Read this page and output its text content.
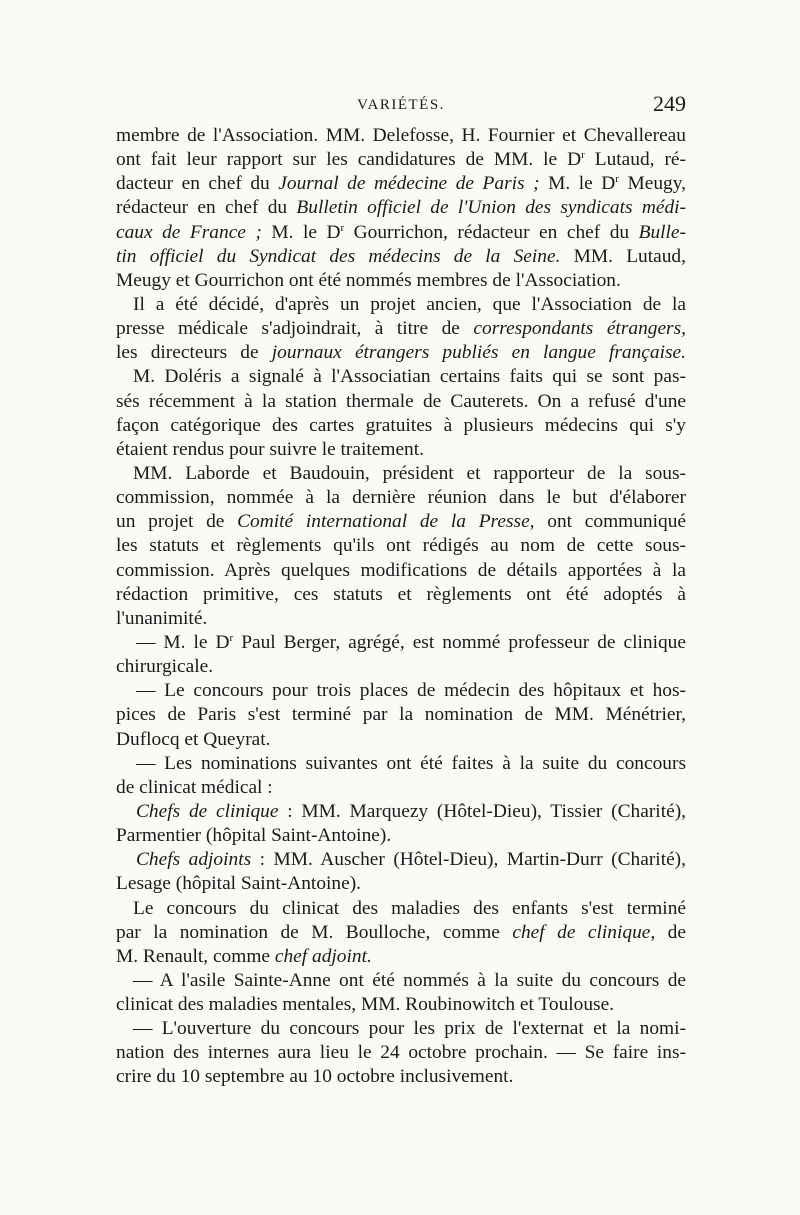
VARIÉTÉS.	249
membre de l'Association. MM. Delefosse, H. Fournier et Chevallereau
ont fait leur rapport sur les candidatures de MM. le $D^r$ Lutaud, ré-
dacteur en chef du Journal de médecine de Paris ; M. le $D^r$ Meugy,
rédacteur en chef du Bulletin officiel de l'Union des syndicats médi-
caux de France ; M. le $D^r$ Gourrichon, rédacteur en chef du Bulle-
tin officiel du Syndicat des médecins de la Seine. MM. Lutaud,
Meugy et Gourrichon ont été nommés membres de l'Association.
Il a été décidé, d'après un projet ancien, que l'Association de la
presse médicale s'adjoindrait, à titre de correspondants étrangers,
les directeurs de journaux étrangers publiés en langue française.
M. Doléris a signalé à l'Associatian certains faits qui se sont pas-
sés récemment à la station thermale de Cauterets. On a refusé d'une
façon catégorique des cartes gratuites à plusieurs médecins qui s'y
étaient rendus pour suivre le traitement.
MM. Laborde et Baudouin, président et rapporteur de la sous-
commission, nommée à la dernière réunion dans le but d'élaborer
un projet de Comité international de la Presse, ont communiqué
les statuts et règlements qu'ils ont rédigés au nom de cette sous-
commission. Après quelques modifications de détails apportées à la
rédaction primitive, ces statuts et règlements ont été adoptés à
l'unanimité.
— M. le $D^r$ Paul Berger, agrégé, est nommé professeur de clinique
chirurgicale.
— Le concours pour trois places de médecin des hôpitaux et hos-
pices de Paris s'est terminé par la nomination de MM. Ménétrier,
Duflocq et Queyrat.
— Les nominations suivantes ont été faites à la suite du concours
de clinicat médical :
Chefs de clinique : MM. Marquezy (Hôtel-Dieu), Tissier (Charité),
Parmentier (hôpital Saint-Antoine).
Chefs adjoints : MM. Auscher (Hôtel-Dieu), Martin-Durr (Charité),
Lesage (hôpital Saint-Antoine).
Le concours du clinicat des maladies des enfants s'est terminé
par la nomination de M. Boulloche, comme chef de clinique, de
M. Renault, comme chef adjoint.
— A l'asile Sainte-Anne ont été nommés à la suite du concours de
clinicat des maladies mentales, MM. Roubinowitch et Toulouse.
— L'ouverture du concours pour les prix de l'externat et la nomi-
nation des internes aura lieu le 24 octobre prochain. — Se faire ins-
crire du 10 septembre au 10 octobre inclusivement.
